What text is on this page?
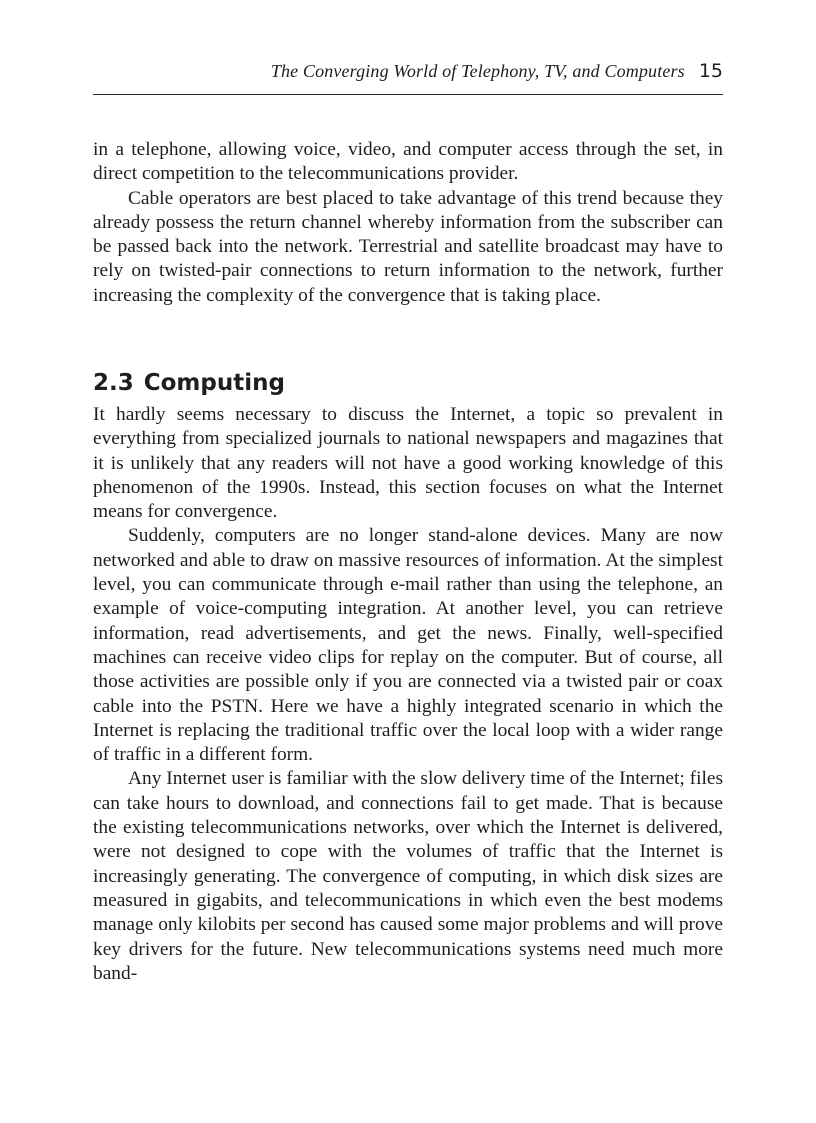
The Converging World of Telephony, TV, and Computers 15

in a telephone, allowing voice, video, and computer access through the set, in direct competition to the telecommunications provider.

Cable operators are best placed to take advantage of this trend because they already possess the return channel whereby information from the subscriber can be passed back into the network. Terrestrial and satellite broadcast may have to rely on twisted-pair connections to return information to the network, further increasing the complexity of the convergence that is taking place.

2.3 Computing

It hardly seems necessary to discuss the Internet, a topic so prevalent in everything from specialized journals to national newspapers and magazines that it is unlikely that any readers will not have a good working knowledge of this phenomenon of the 1990s. Instead, this section focuses on what the Internet means for convergence.

Suddenly, computers are no longer stand-alone devices. Many are now networked and able to draw on massive resources of information. At the simplest level, you can communicate through e-mail rather than using the telephone, an example of voice-computing integration. At another level, you can retrieve information, read advertisements, and get the news. Finally, well-specified machines can receive video clips for replay on the computer. But of course, all those activities are possible only if you are connected via a twisted pair or coax cable into the PSTN. Here we have a highly integrated scenario in which the Internet is replacing the traditional traffic over the local loop with a wider range of traffic in a different form.

Any Internet user is familiar with the slow delivery time of the Internet; files can take hours to download, and connections fail to get made. That is because the existing telecommunications networks, over which the Internet is delivered, were not designed to cope with the volumes of traffic that the Internet is increasingly generating. The convergence of computing, in which disk sizes are measured in gigabits, and telecommunications in which even the best modems manage only kilobits per second has caused some major problems and will prove key drivers for the future. New telecommunications systems need much more band-
